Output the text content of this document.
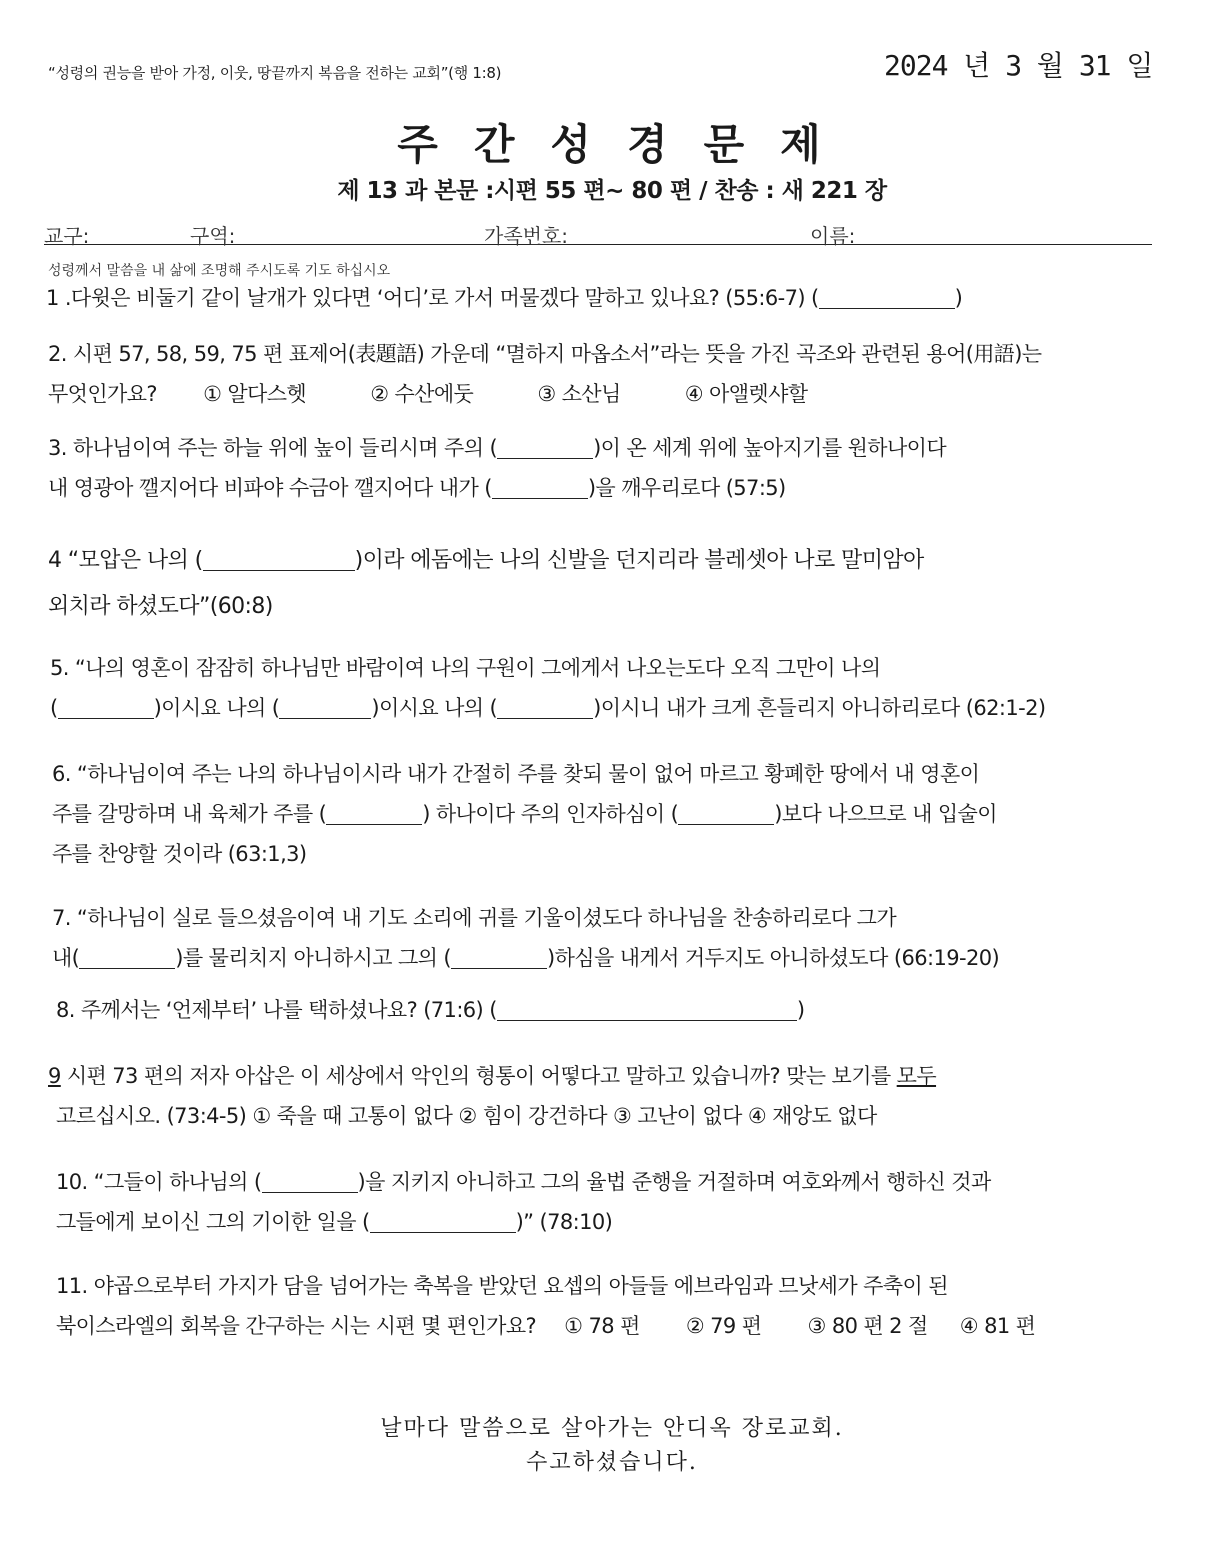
“성령의 권능을 받아 가정, 이웃, 땅끝까지 복음을 전하는 교회”(행 1:8)	2024 년 3 월 31 일
주간성경문제
제 13 과 본문 :시편 55 편~ 80 편 / 찬송 : 새 221 장
교구:	구역:	가족번호:	이름:
성령께서 말씀을 내 삶에 조명해 주시도록 기도 하십시오
1 .다윗은 비둘기 같이 날개가 있다면 ‘어디’로 가서 머물겠다 말하고 있나요? (55:6-7) (	)
2. 시편 57, 58, 59, 75 편 표제어(表題語) 가운데 “멸하지 마옵소서”라는 뜻을 가진 곡조와 관련된 용어(用語)는
무엇인가요? ① 알다스헷	② 수산에둣	③ 소산님	④ 아앨렛샤할
3. 하나님이여 주는 하늘 위에 높이 들리시며 주의 (	)이 온 세계 위에 높아지기를 원하나이다
내 영광아 깰지어다 비파야 수금아 깰지어다 내가 (	)을 깨우리로다 (57:5)
4 “모압은 나의 (	)이라 에돔에는 나의 신발을 던지리라 블레셋아 나로 말미암아
외치라 하셨도다”(60:8)
5. “나의 영혼이 잠잠히 하나님만 바람이여 나의 구원이 그에게서 나오는도다 오직 그만이 나의
(	)이시요 나의 (	)이시요 나의 (	)이시니 내가 크게 흔들리지 아니하리로다 (62:1-2)
6. “하나님이여 주는 나의 하나님이시라 내가 간절히 주를 찾되 물이 없어 마르고 황폐한 땅에서 내 영혼이
주를 갈망하며 내 육체가 주를 (	) 하나이다 주의 인자하심이 (	)보다 나으므로 내 입술이
주를 찬양할 것이라 (63:1,3)
7. “하나님이 실로 들으셨음이여 내 기도 소리에 귀를 기울이셨도다 하나님을 찬송하리로다 그가
내(	)를 물리치지 아니하시고 그의 (	)하심을 내게서 거두지도 아니하셨도다 (66:19-20)
8. 주께서는 ‘언제부터’ 나를 택하셨나요? (71:6) (	)
9 시편 73 편의 저자 아삽은 이 세상에서 악인의 형통이 어떻다고 말하고 있습니까? 맞는 보기를 모두
고르십시오. (73:4-5) ① 죽을 때 고통이 없다 ② 힘이 강건하다 ③ 고난이 없다 ④ 재앙도 없다
10. “그들이 하나님의 (	)을 지키지 아니하고 그의 율법 준행을 거절하며 여호와께서 행하신 것과
그들에게 보이신 그의 기이한 일을 (	)” (78:10)
11. 야곱으로부터 가지가 담을 넘어가는 축복을 받았던 요셉의 아들들 에브라임과 므낫세가 주축이 된
북이스라엘의 회복을 간구하는 시는 시편 몇 편인가요? ① 78 편 ② 79 편 ③ 80 편 2 절 ④ 81 편
날마다 말씀으로 살아가는 안디옥 장로교회.
수고하셨습니다.
